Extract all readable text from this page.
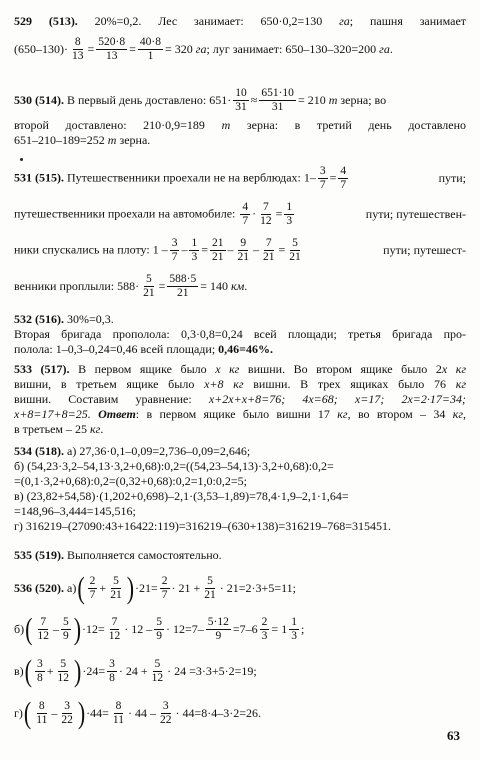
529 (513). 20%=0,2. Лес занимает: 650·0,2=130 га; пашня занимает
$(650-130)\cdot \frac{8}{13} = \frac{520\cdot 8}{13} = \frac{40\cdot 8}{1} = 320$
га ; луг занимает: 650–130–320=200
га .
530 (514).
В первый день доставлено: $651\cdot \frac{10}{31} \approx \frac{651\cdot 10}{31} = 210$
т
зерна; во
второй доставлено: 210·0,9=189 т зерна: в третий день доставлено
651–210–189=252 т зерна.
531 (515). Путешественники проехали не на верблюдах: $1- \frac{3}{7} = \frac{4}{7}$	пути;
путешественники проехали на автомобиле: $\frac{4}{7} \cdot \frac{7}{12} = \frac{1}{3}$	пути; путешествен-
ники спускались на плоту: $1 - \frac{3}{7} - \frac{1}{3} = \frac{21}{21} - \frac{9}{21} - \frac{7}{21} = \frac{5}{21}$	пути; путешест-
венники проплыли: $588\cdot \frac{5}{21} = \frac{588\cdot 5}{21} = 140$
км .
532 (516). 30%=0,3.
Вторая бригада прополола: 0,3·0,8=0,24 всей площади; третья бригада про-
полола: 1–0,3–0,24=0,46 всей площади; 0,46=46%.
533 (517). В первом ящике было x кг вишни. Во втором ящике было 2x кг
вишни, в третьем ящике было x+8 кг вишни. В трех ящиках было 76 кг
вишни. Составим уравнение: x+2x+x+8=76; 4x=68; x=17; 2x=2·17=34;
x+8=17+8=25. Ответ: в первом ящике было вишни 17 кг, во втором – 34 кг,
в третьем – 25 кг.
534 (518). а) 27,36·0,1–0,09=2,736–0,09=2,646;
б) (54,23·3,2–54,13·3,2+0,68):0,2=((54,23–54,13)·3,2+0,68):0,2=
=(0,1·3,2+0,68):0,2=(0,32+0,68):0,2=1,0:0,2=5;
в) (23,82+54,58)·(1,202+0,698)–2,1·(3,53–1,89)=78,4·1,9–2,1·1,64=
=148,96–3,444=145,516;
г) 316219–(27090:43+16422:119)=316219–(630+138)=316219–768=315451.
535 (519). Выполняется самостоятельно.
536 (520).
а) ( $\frac{2}{7} + \frac{5}{21}$ ) $\cdot 21= \frac{2}{7} \cdot 21 + \frac{5}{21} \cdot 21=2\cdot 3+5=11$;
б) ( $\frac{7}{12} - \frac{5}{9}$ ) $\cdot 12= \frac{7}{12} \cdot 12 - \frac{5}{9} \cdot 12=7- \frac{5\cdot 12}{9} =7-6 \frac{2}{3} = 1 \frac{1}{3}$ ;
в) ( $\frac{3}{8} + \frac{5}{12}$ ) $\cdot 24= \frac{3}{8} \cdot 24 + \frac{5}{12} \cdot 24 =3\cdot 3+5\cdot 2=19$;
г) ( $\frac{8}{11} - \frac{3}{22}$ ) $\cdot 44= \frac{8}{11} \cdot 44 - \frac{3}{22} \cdot 44=8\cdot 4-3\cdot 2=26$.
63
